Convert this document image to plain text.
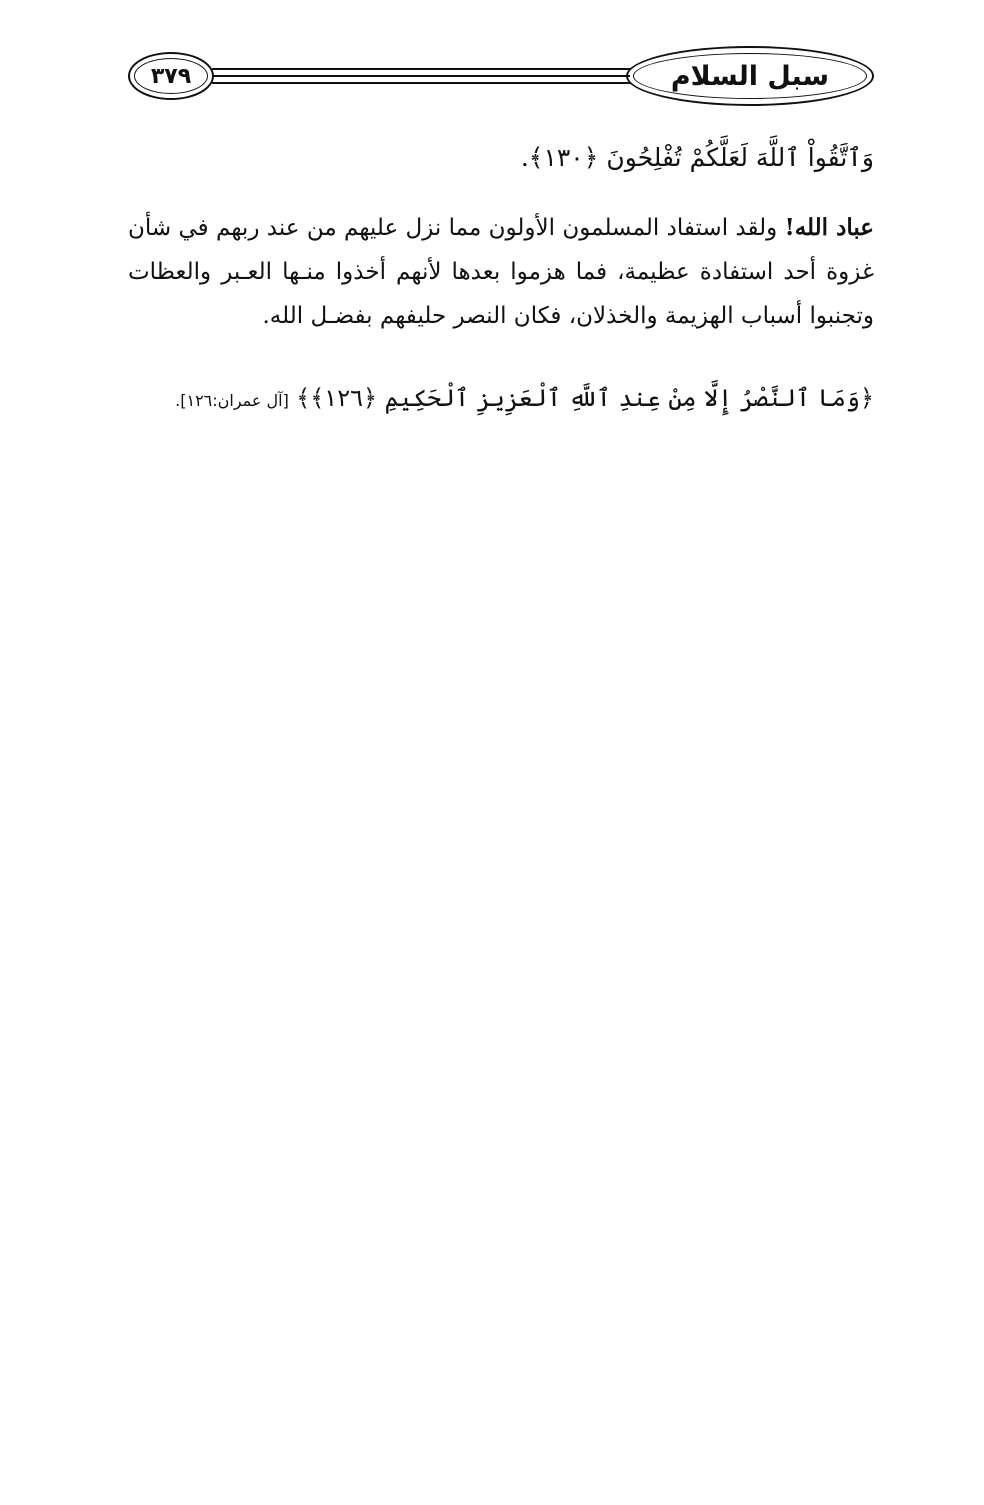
٣٧٩	سبل السلام
وَٱتَّقُواْ ٱللَّهَ لَعَلَّكُمْ تُفْلِحُونَ ﴿١٣٠﴾.
عباد الله! ولقد استفاد المسلمون الأولون مما نزل عليهم من عند ربهم في شأن غزوة أحد استفادة عظيمة، فما هزموا بعدها لأنهم أخذوا منـها العـبر والعظات وتجنبوا أسباب الهزيمة والخذلان، فكان النصر حليفهم بفضـل الله.
﴿وَمَا ٱلنَّصْرُ إِلَّا مِنْ عِندِ ٱللَّهِ ٱلْعَزِيزِ ٱلْحَكِيمِ ﴿١٢٦﴾﴾ [آل عمران:١٢٦].
